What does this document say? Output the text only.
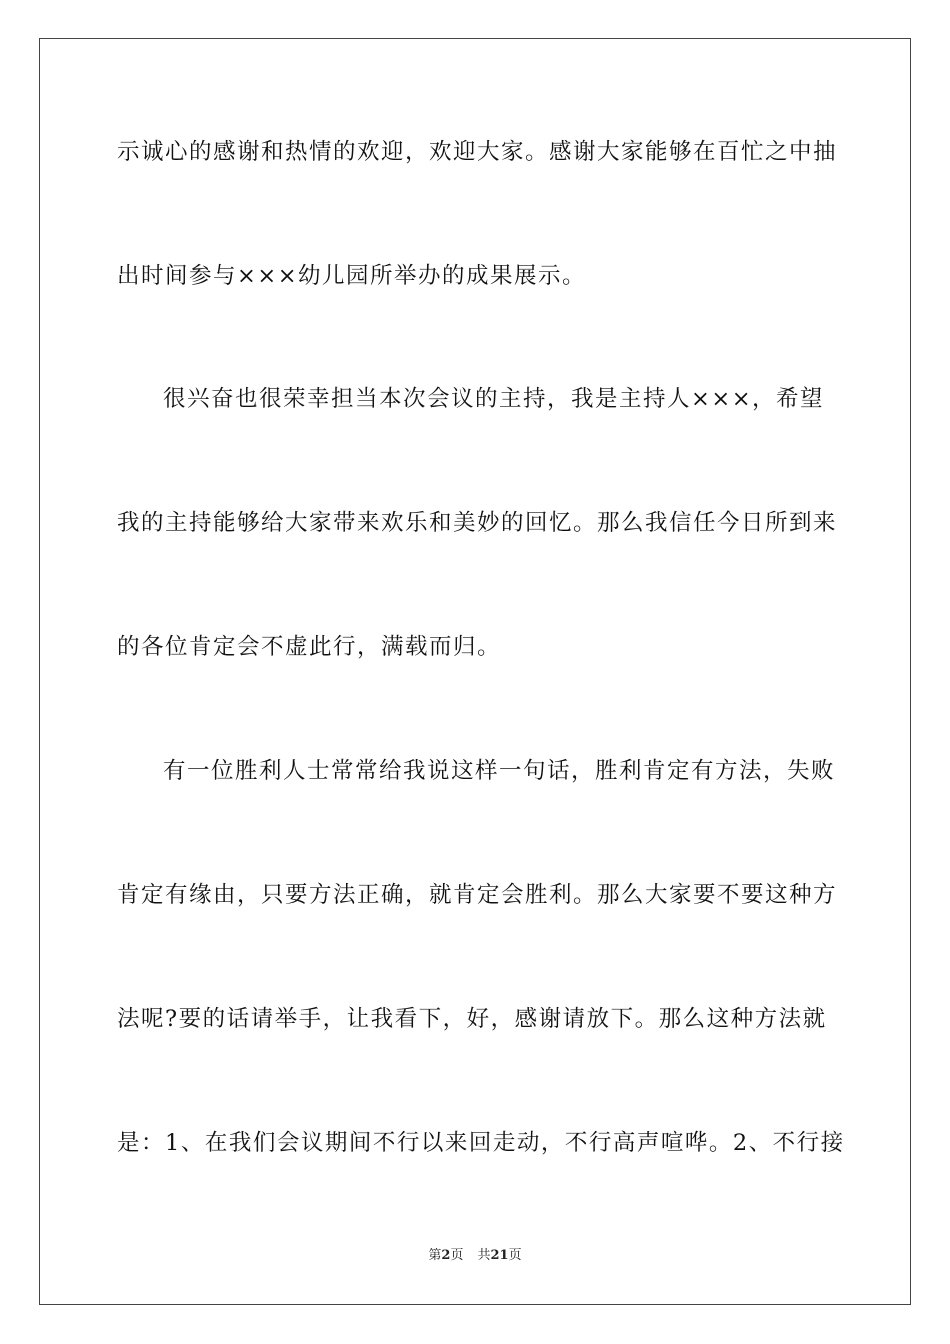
示诚心的感谢和热情的欢迎，欢迎大家。感谢大家能够在百忙之中抽
出时间参与×××幼儿园所举办的成果展示。
很兴奋也很荣幸担当本次会议的主持，我是主持人×××，希望
我的主持能够给大家带来欢乐和美妙的回忆。那么我信任今日所到来
的各位肯定会不虚此行，满载而归。
有一位胜利人士常常给我说这样一句话，胜利肯定有方法，失败
肯定有缘由，只要方法正确，就肯定会胜利。那么大家要不要这种方
法呢?要的话请举手，让我看下，好，感谢请放下。那么这种方法就
是：1、在我们会议期间不行以来回走动，不行高声喧哗。2、不行接
第2页 共21页
